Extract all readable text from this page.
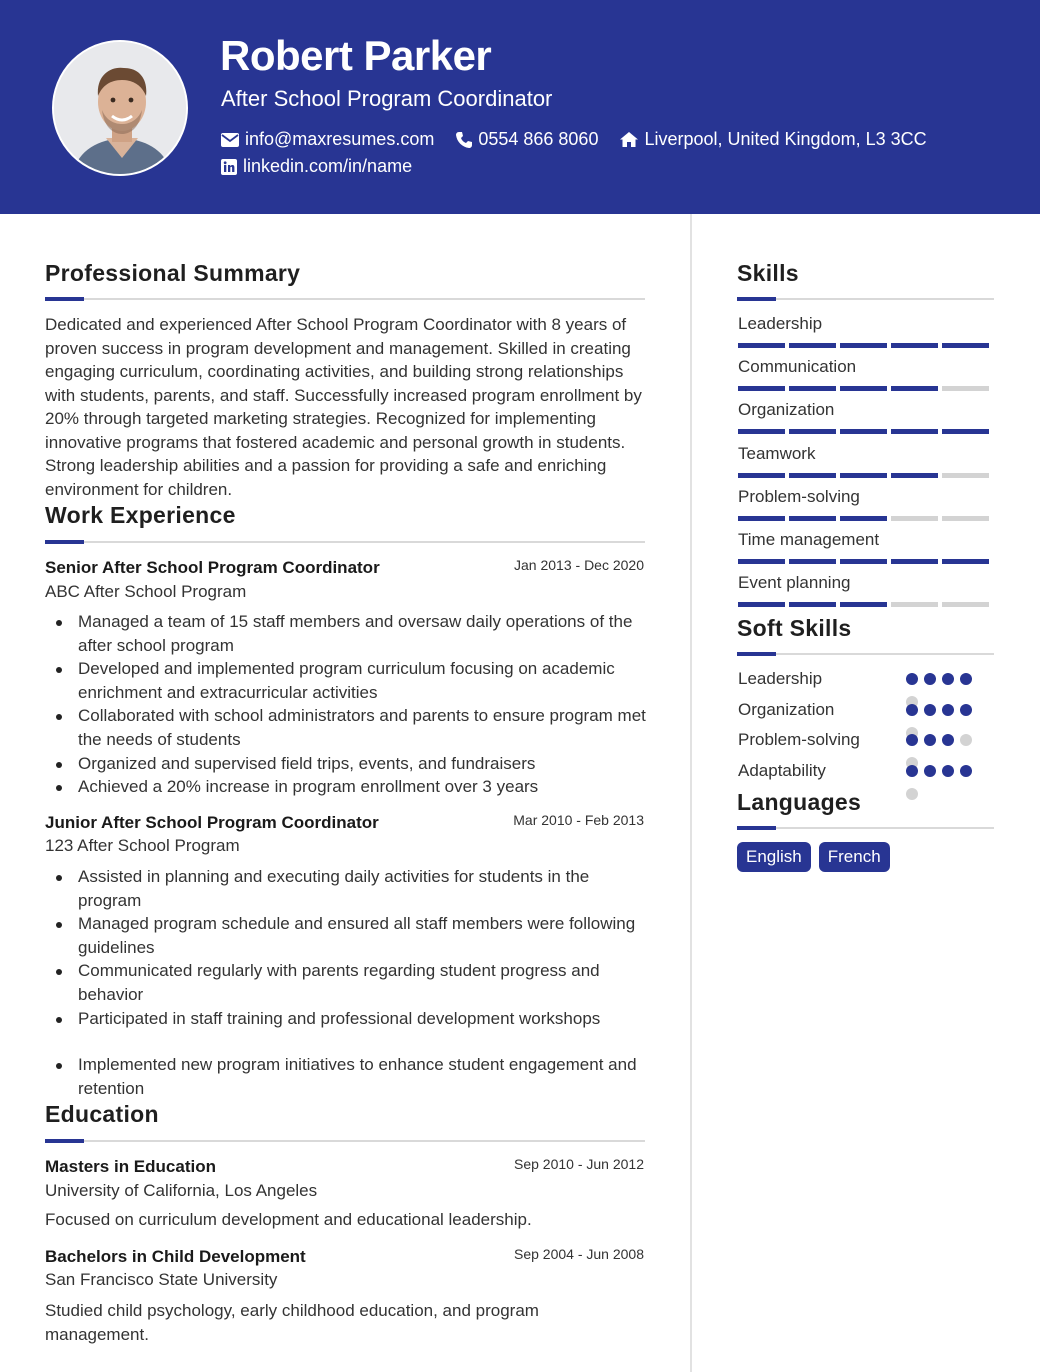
Robert Parker
After School Program Coordinator
info@maxresumes.com 0554 866 8060	Liverpool, United Kingdom, L3 3CC
linkedin.com/in/name
Professional Summary
Dedicated and experienced After School Program Coordinator with 8 years of proven success in program development and management. Skilled in creating engaging curriculum, coordinating activities, and building strong relationships with students, parents, and staff. Successfully increased program enrollment by 20% through targeted marketing strategies. Recognized for implementing innovative programs that fostered academic and personal growth in students. Strong leadership abilities and a passion for providing a safe and enriching environment for children.
Work Experience
Senior After School Program Coordinator	Jan 2013 - Dec 2020
ABC After School Program
Managed a team of 15 staff members and oversaw daily operations of the after school program
Developed and implemented program curriculum focusing on academic enrichment and extracurricular activities
Collaborated with school administrators and parents to ensure program met the needs of students
Organized and supervised field trips, events, and fundraisers
Achieved a 20% increase in program enrollment over 3 years
Junior After School Program Coordinator	Mar 2010 - Feb 2013
123 After School Program
Assisted in planning and executing daily activities for students in the program
Managed program schedule and ensured all staff members were following guidelines
Communicated regularly with parents regarding student progress and behavior
Participated in staff training and professional development workshops
Implemented new program initiatives to enhance student engagement and retention
Education
Masters in Education	Sep 2010 - Jun 2012
University of California, Los Angeles
Focused on curriculum development and educational leadership.
Bachelors in Child Development	Sep 2004 - Jun 2008
San Francisco State University
Studied child psychology, early childhood education, and program management.
Skills
Leadership
Communication
Organization
Teamwork
Problem-solving
Time management
Event planning
Soft Skills
Leadership
Organization
Problem-solving
Adaptability
Languages
English	French
